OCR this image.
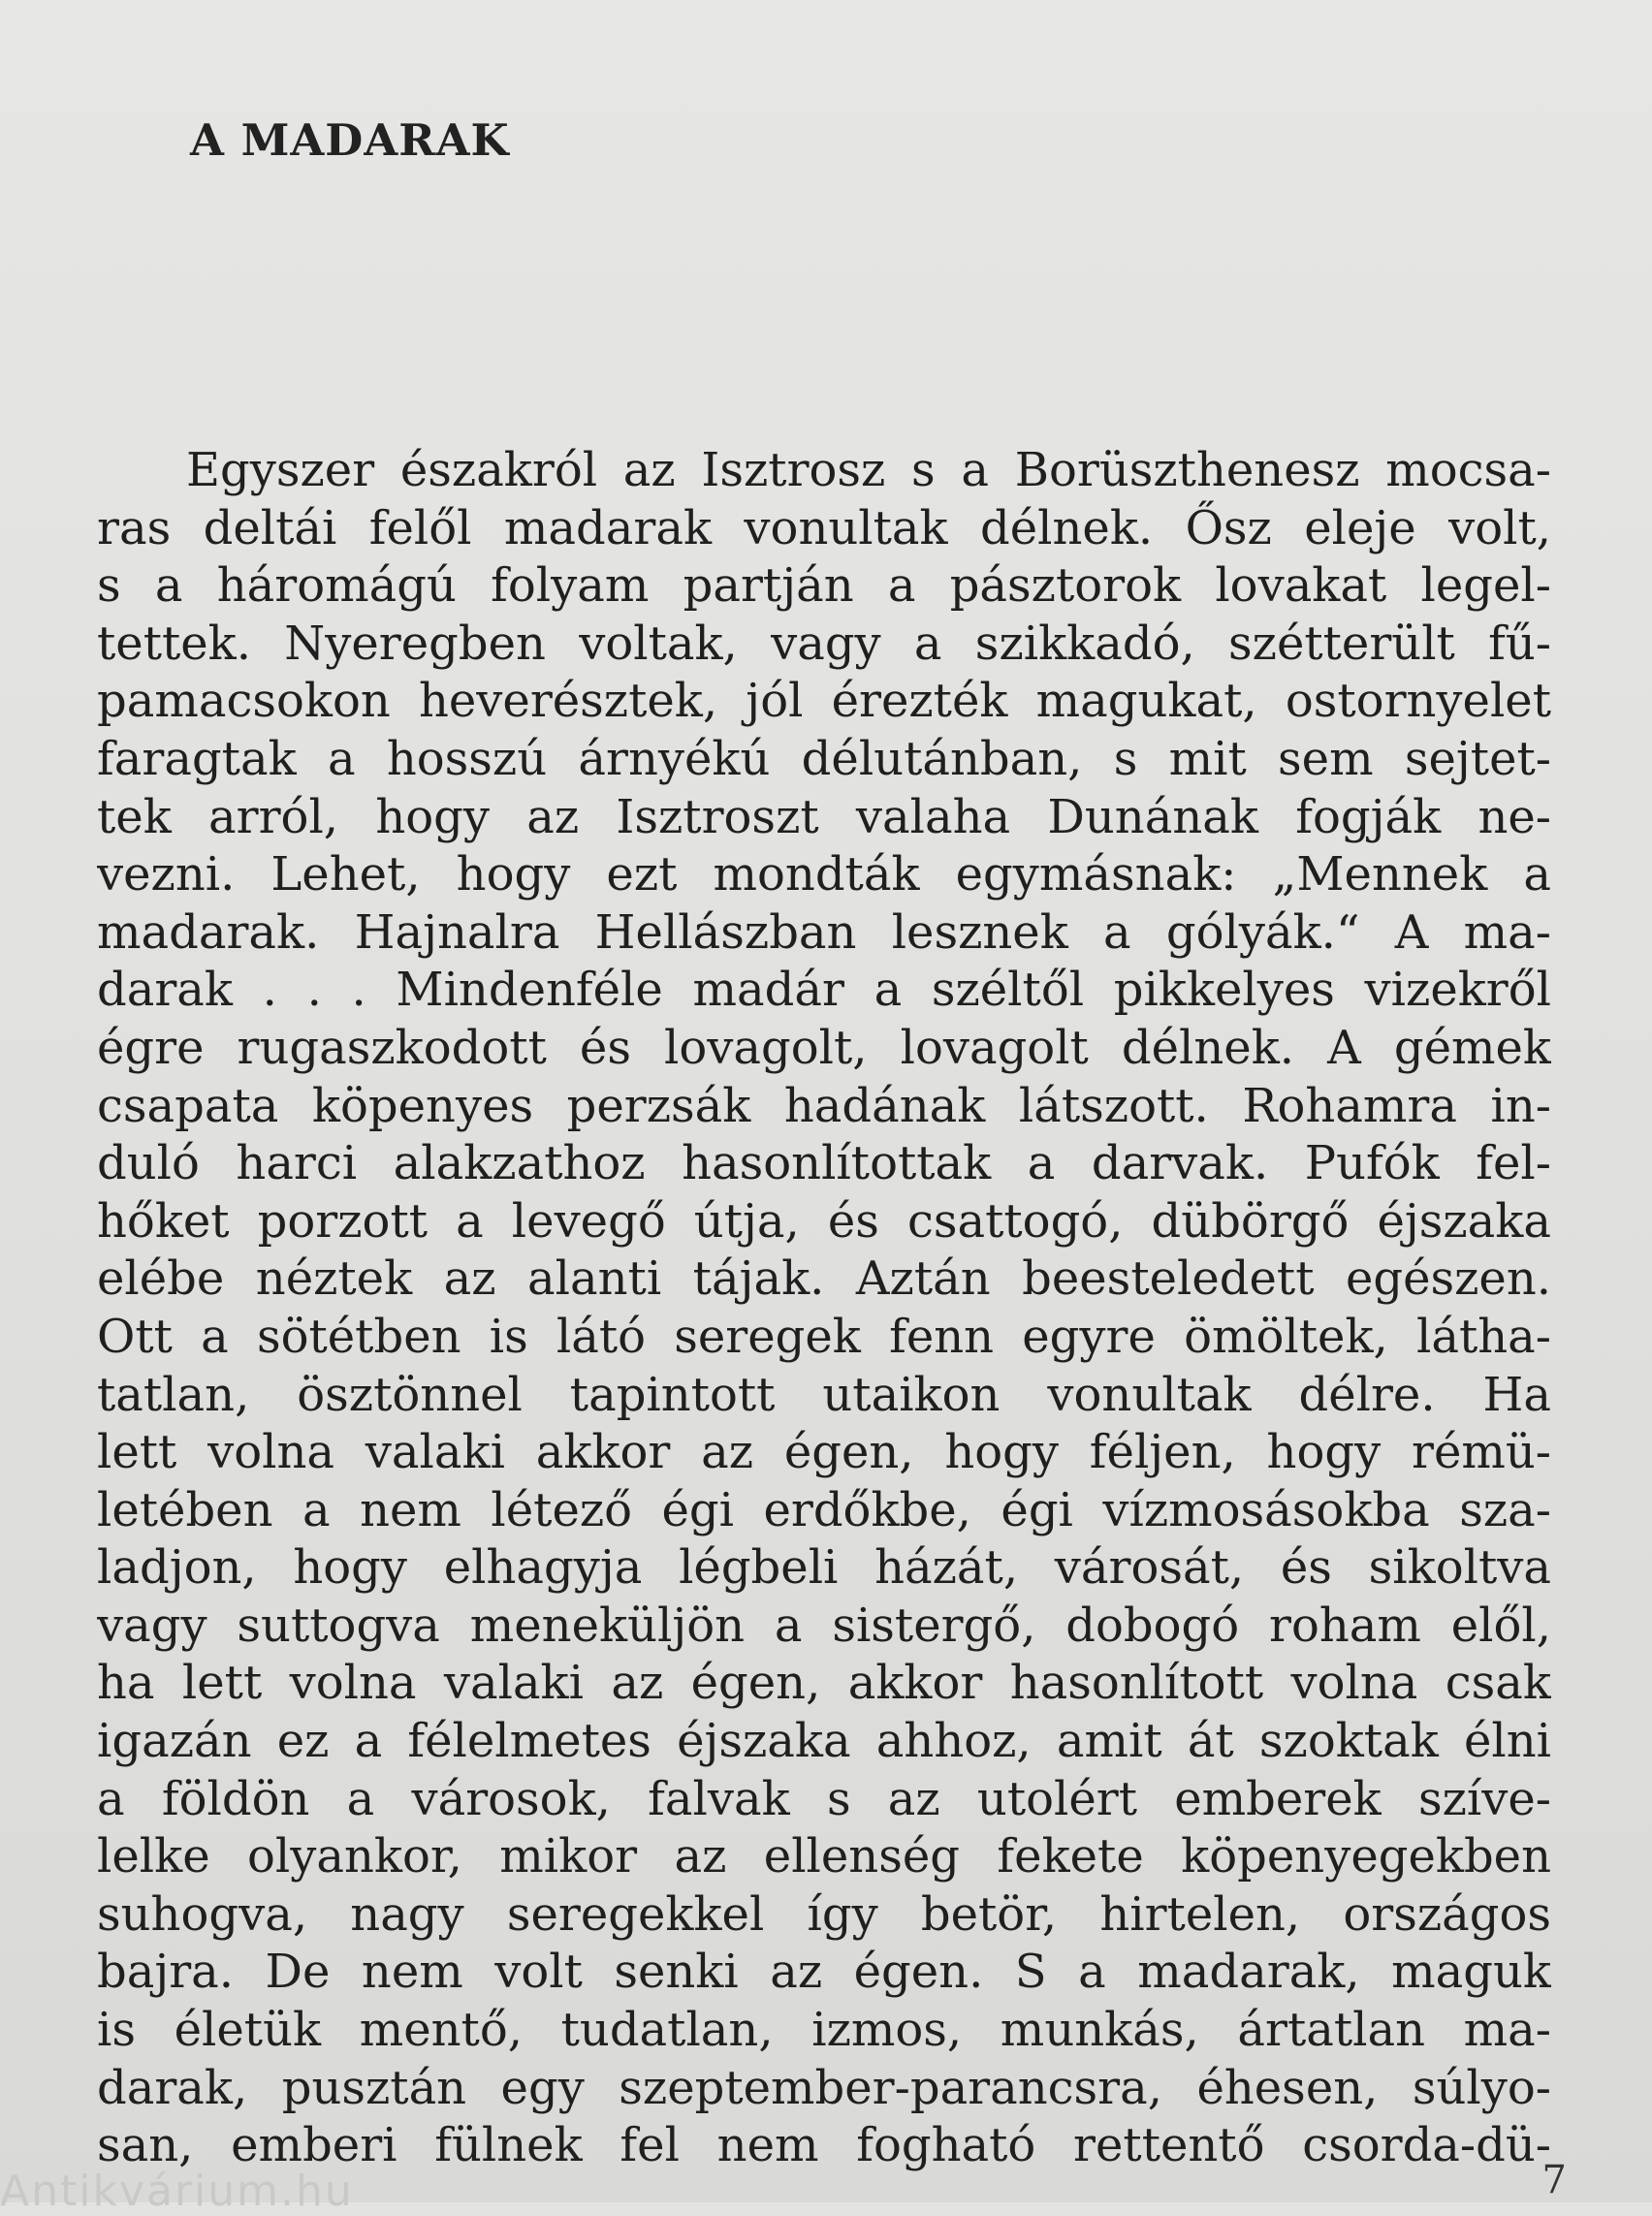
A MADARAK
Egyszer északról az Isztrosz s a Borüszthenesz mocsa-
ras deltái felől madarak vonultak délnek. Ősz eleje volt,
s a háromágú folyam partján a pásztorok lovakat legel-
tettek. Nyeregben voltak, vagy a szikkadó, szétterült fű-
pamacsokon heverésztek, jól érezték magukat, ostornyelet
faragtak a hosszú árnyékú délutánban, s mit sem sejtet-
tek arról, hogy az Isztroszt valaha Dunának fogják ne-
vezni. Lehet, hogy ezt mondták egymásnak: „Mennek a
madarak. Hajnalra Hellászban lesznek a gólyák.“ A ma-
darak . . . Mindenféle madár a széltől pikkelyes vizekről
égre rugaszkodott és lovagolt, lovagolt délnek. A gémek
csapata köpenyes perzsák hadának látszott. Rohamra in-
duló harci alakzathoz hasonlítottak a darvak. Pufók fel-
hőket porzott a levegő útja, és csattogó, dübörgő éjszaka
elébe néztek az alanti tájak. Aztán beesteledett egészen.
Ott a sötétben is látó seregek fenn egyre ömöltek, látha-
tatlan, ösztönnel tapintott utaikon vonultak délre. Ha
lett volna valaki akkor az égen, hogy féljen, hogy rémü-
letében a nem létező égi erdőkbe, égi vízmosásokba sza-
ladjon, hogy elhagyja légbeli házát, városát, és sikoltva
vagy suttogva meneküljön a sistergő, dobogó roham elől,
ha lett volna valaki az égen, akkor hasonlított volna csak
igazán ez a félelmetes éjszaka ahhoz, amit át szoktak élni
a földön a városok, falvak s az utolért emberek szíve-
lelke olyankor, mikor az ellenség fekete köpenyegekben
suhogva, nagy seregekkel így betör, hirtelen, országos
bajra. De nem volt senki az égen. S a madarak, maguk
is életük mentő, tudatlan, izmos, munkás, ártatlan ma-
darak, pusztán egy szeptember-parancsra, éhesen, súlyo-
san, emberi fülnek fel nem fogható rettentő csorda-dü-
7
Antikvárium.hu
